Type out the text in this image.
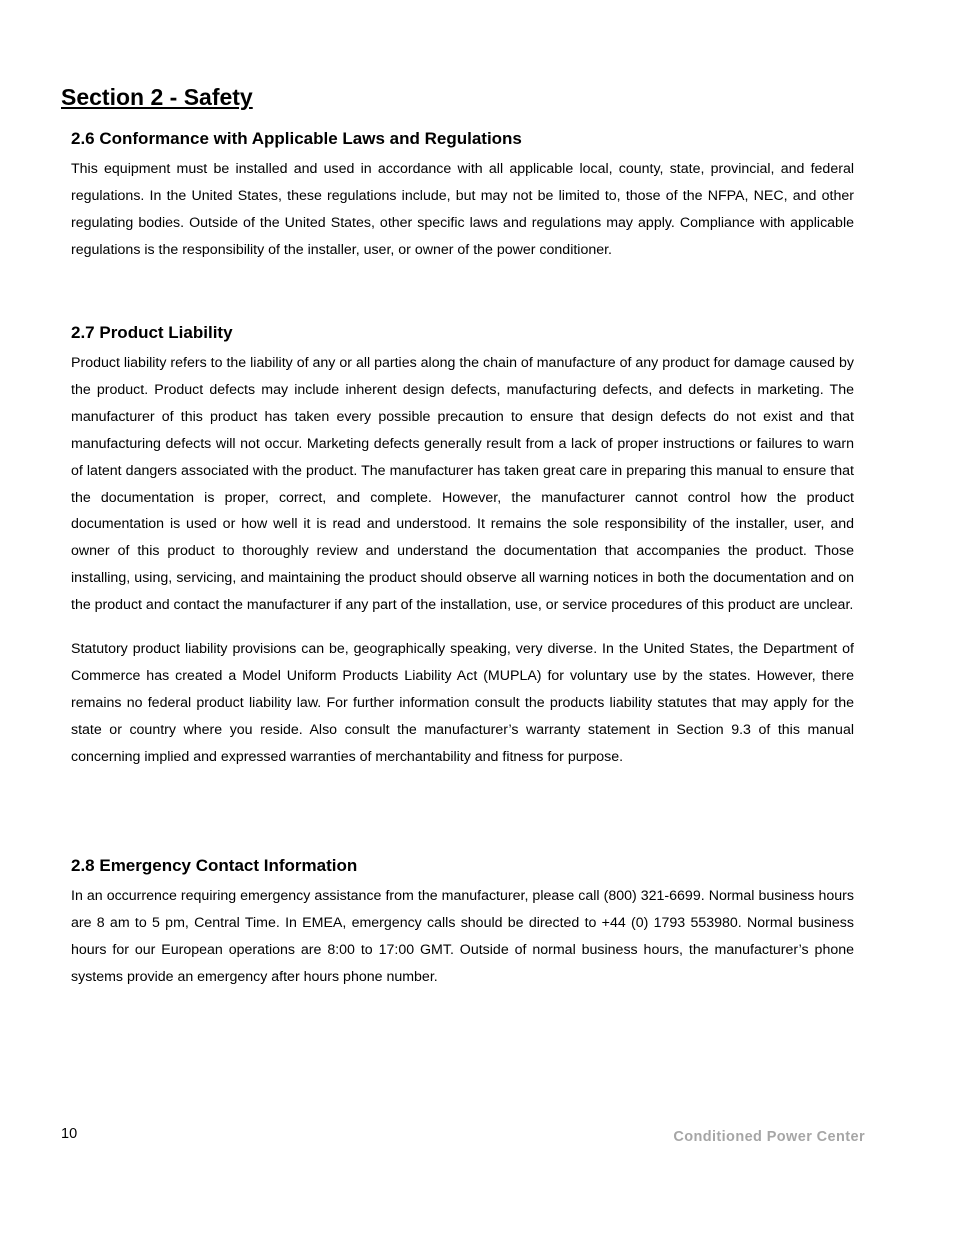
Section 2 - Safety
2.6 Conformance with Applicable Laws and Regulations

This equipment must be installed and used in accordance with all applicable local, county, state, provincial, and federal regulations. In the United States, these regulations include, but may not be limited to, those of the NFPA, NEC, and other regulating bodies. Outside of the United States, other specific laws and regulations may apply. Compliance with applicable regulations is the responsibility of the installer, user, or owner of the power conditioner.

2.7 Product Liability

Product liability refers to the liability of any or all parties along the chain of manufacture of any product for damage caused by the product. Product defects may include inherent design defects, manufacturing defects, and defects in marketing. The manufacturer of this product has taken every possible precaution to ensure that design defects do not exist and that manufacturing defects will not occur. Marketing defects generally result from a lack of proper instructions or failures to warn of latent dangers associated with the product. The manufacturer has taken great care in preparing this manual to ensure that the documentation is proper, correct, and complete. However, the manufacturer cannot control how the product documentation is used or how well it is read and understood. It remains the sole responsibility of the installer, user, and owner of this product to thoroughly review and understand the documentation that accompanies the product. Those installing, using, servicing, and maintaining the product should observe all warning notices in both the documentation and on the product and contact the manufacturer if any part of the installation, use, or service procedures of this product are unclear.

Statutory product liability provisions can be, geographically speaking, very diverse. In the United States, the Department of Commerce has created a Model Uniform Products Liability Act (MUPLA) for voluntary use by the states. However, there remains no federal product liability law. For further information consult the products liability statutes that may apply for the state or country where you reside. Also consult the manufacturer’s warranty statement in Section 9.3 of this manual concerning implied and expressed warranties of merchantability and fitness for purpose.

2.8 Emergency Contact Information

In an occurrence requiring emergency assistance from the manufacturer, please call (800) 321-6699. Normal business hours are 8 am to 5 pm, Central Time. In EMEA, emergency calls should be directed to +44 (0) 1793 553980. Normal business hours for our European operations are 8:00 to 17:00 GMT. Outside of normal business hours, the manufacturer’s phone systems provide an emergency after hours phone number.

10	Conditioned Power Center
